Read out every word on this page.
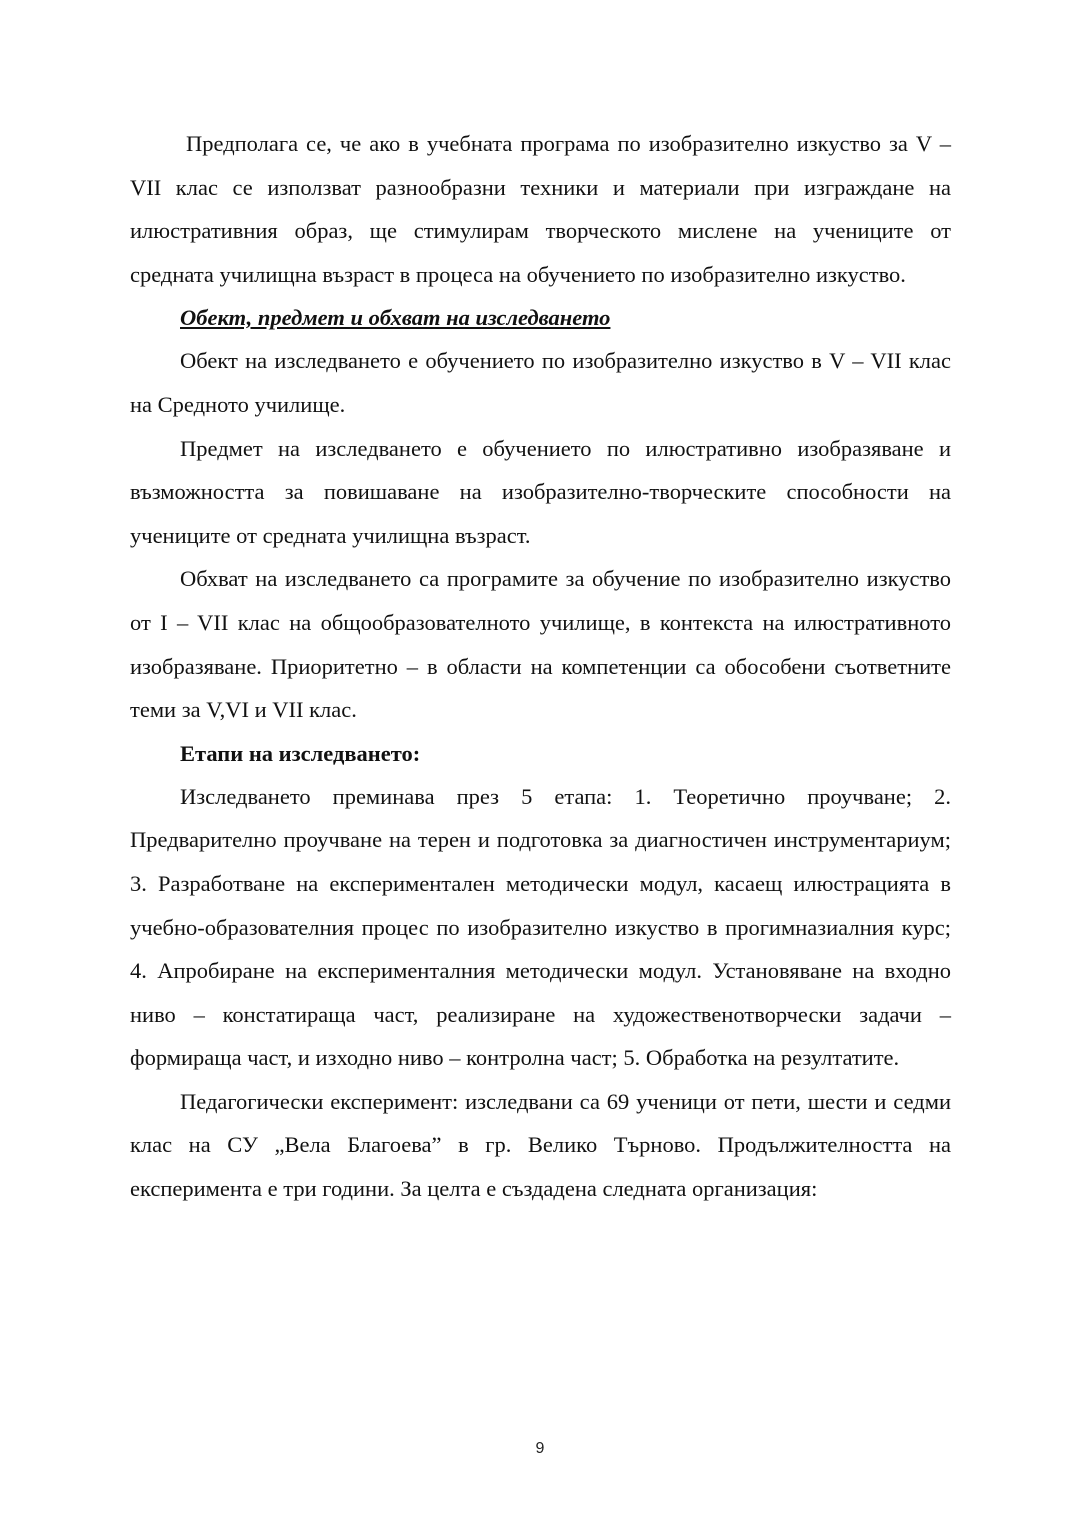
Предполага се, че ако в учебната програма по изобразително изкуство за V –VII клас се използват разнообразни техники и материали при изграждане на илюстративния образ, ще стимулирам творческото мислене на учениците от средната училищна възраст в процеса на обучението по изобразително изкуство.

Обект, предмет и обхват на изследването

Обект на изследването е обучението по изобразително изкуство в V – VII клас на Средното училище.

Предмет на изследването е обучението по илюстративно изобразяване и възможността за повишаване на изобразително-творческите способности на учениците от средната училищна възраст.

Обхват на изследването са програмите за обучение по изобразително изкуство от I – VII клас на общообразователното училище, в контекста на илюстративното изобразяване. Приоритетно – в области на компетенции са обособени съответните теми за V,VI и VII клас.

Етапи на изследването:

Изследването преминава през 5 етапа: 1. Теоретично проучване; 2. Предварително проучване на терен и подготовка за диагностичен инструментариум; 3. Разработване на експериментален методически модул, касаещ илюстрацията в учебно-образователния процес по изобразително изкуство в прогимназиалния курс; 4. Апробиране на експерименталния методически модул. Установяване на входно ниво – констатираща част, реализиране на художественотворчески задачи – формираща част, и изходно ниво – контролна част; 5. Обработка на резултатите.

Педагогически експеримент: изследвани са 69 ученици от пети, шести и седми клас на СУ „Вела Благоева” в гр. Велико Търново. Продължителността на експеримента е три години. За целта е създадена следната организация:

9
